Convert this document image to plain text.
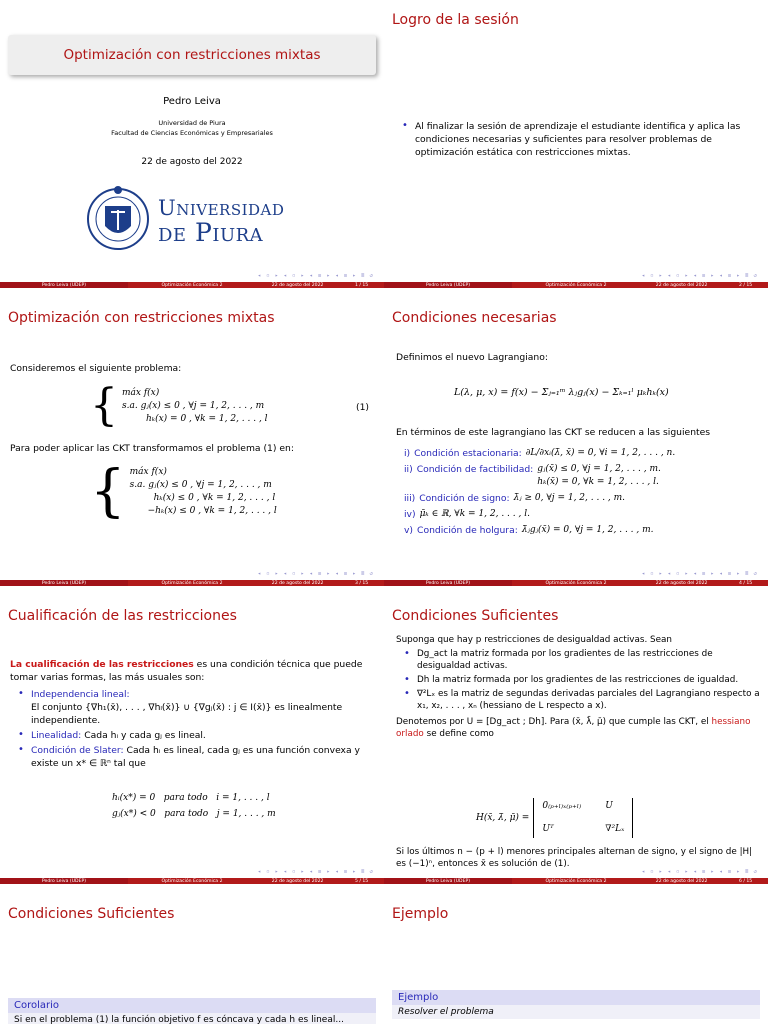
Optimización con restricciones mixtas
Pedro Leiva
Universidad de Piura
Facultad de Ciencias Económicas y Empresariales
22 de agosto del 2022
Universidad
de Piura
◂ ▫ ▸ ◂ ▫ ▸ ◂ ≡ ▸ ◂ ≡ ▸ ≣ ↺
Pedro Leiva (UDEP)	Optimización Económica 2	22 de agosto del 2022	1 / 15
Logro de la sesión
• Al finalizar la sesión de aprendizaje el estudiante identifica y aplica las condiciones necesarias y suficientes para resolver problemas de optimización estática con restricciones mixtas.
◂ ▫ ▸ ◂ ▫ ▸ ◂ ≡ ▸ ◂ ≡ ▸ ≣ ↺
Pedro Leiva (UDEP)	Optimización Económica 2	22 de agosto del 2022	2 / 15
Optimización con restricciones mixtas
Consideremos el siguiente problema:
{ máx f(x)
s.a. gⱼ(x) ≤ 0 , ∀j = 1, 2, . . . , m
hₖ(x) = 0 , ∀k = 1, 2, . . . , l
(1)
Para poder aplicar las CKT transformamos el problema (1) en:
{ máx f(x)
s.a. gⱼ(x) ≤ 0 , ∀j = 1, 2, . . . , m
hₖ(x) ≤ 0 , ∀k = 1, 2, . . . , l
−hₖ(x) ≤ 0 , ∀k = 1, 2, . . . , l
◂ ▫ ▸ ◂ ▫ ▸ ◂ ≡ ▸ ◂ ≡ ▸ ≣ ↺
Pedro Leiva (UDEP)	Optimización Económica 2	22 de agosto del 2022	3 / 15
Condiciones necesarias
Definimos el nuevo Lagrangiano:
L(λ, μ, x) = f(x) − Σⱼ₌₁ᵐ λⱼgⱼ(x) − Σₖ₌₁ˡ μₖhₖ(x)
En términos de este lagrangiano las CKT se reducen a las siguientes
i) Condición estacionaria: ∂L/∂xᵢ(λ̄, x̄) = 0, ∀i = 1, 2, . . . , n.
ii) Condición de factibilidad: gⱼ(x̄) ≤ 0, ∀j = 1, 2, . . . , m.
hₖ(x̄) = 0, ∀k = 1, 2, . . . , l.
iii) Condición de signo: λ̄ⱼ ≥ 0, ∀j = 1, 2, . . . , m.
iv) μ̄ₖ ∈ ℝ, ∀k = 1, 2, . . . , l.
v) Condición de holgura: λ̄ⱼgⱼ(x̄) = 0, ∀j = 1, 2, . . . , m.
◂ ▫ ▸ ◂ ▫ ▸ ◂ ≡ ▸ ◂ ≡ ▸ ≣ ↺
Pedro Leiva (UDEP)	Optimización Económica 2	22 de agosto del 2022	4 / 15
Cualificación de las restricciones
La cualificación de las restricciones es una condición técnica que puede tomar varias formas, las más usuales son:
• Independencia lineal:
El conjunto {∇h₁(x̄), . . . , ∇hₗ(x̄)} ∪ {∇gⱼ(x̄) : j ∈ I(x̄)} es linealmente independiente.
• Linealidad: Cada hᵢ y cada gⱼ es lineal.
• Condición de Slater: Cada hᵢ es lineal, cada gⱼ es una función convexa y existe un x* ∈ ℝⁿ tal que
hᵢ(x*) = 0   para todo   i = 1, . . . , l
gⱼ(x*) < 0   para todo   j = 1, . . . , m
◂ ▫ ▸ ◂ ▫ ▸ ◂ ≡ ▸ ◂ ≡ ▸ ≣ ↺
Pedro Leiva (UDEP)	Optimización Económica 2	22 de agosto del 2022	5 / 15
Condiciones Suficientes
Suponga que hay p restricciones de desigualdad activas. Sean
• Dg_act la matriz formada por los gradientes de las restricciones de desigualdad activas.
• Dh la matriz formada por los gradientes de las restricciones de igualdad.
• ∇²Lₓ es la matriz de segundas derivadas parciales del Lagrangiano respecto a x₁, x₂, . . . , xₙ (hessiano de L respecto a x).
Denotemos por U = [Dg_act ; Dh]. Para (x̄, λ̄, μ̄) que cumple las CKT, el hessiano orlado se define como
H(x̄, λ̄, μ̄) =
0₍ₚ₊ₗ₎ₓ₍ₚ₊ₗ₎	U
Uᵀ	∇²Lₓ
Si los últimos n − (p + l) menores principales alternan de signo, y el signo de |H| es (−1)ⁿ, entonces x̄ es solución de (1).
◂ ▫ ▸ ◂ ▫ ▸ ◂ ≡ ▸ ◂ ≡ ▸ ≣ ↺
Pedro Leiva (UDEP)	Optimización Económica 2	22 de agosto del 2022	6 / 15
Condiciones Suficientes
Corolario
Si en el problema (1) la función objetivo f es cóncava y cada h es lineal...
Ejemplo
Ejemplo
Resolver el problema
